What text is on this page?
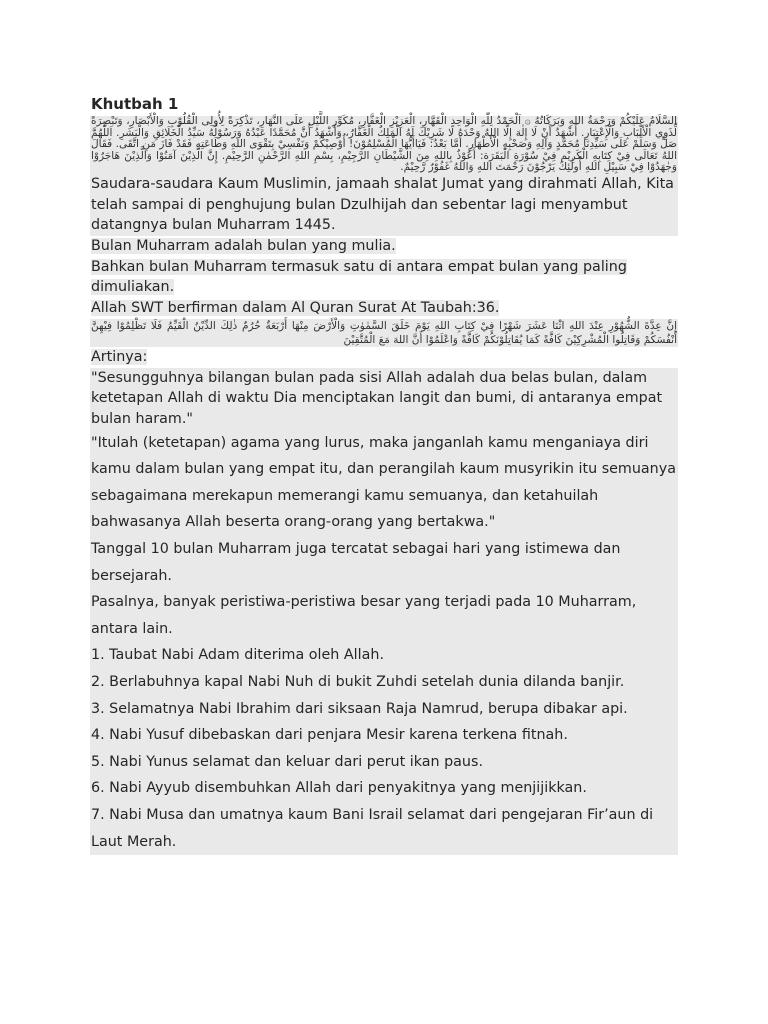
Khutbah 1

السَّلَامُ عَلَيْكُمْ وَرَحْمَةُ اللهِ وَبَرَكَاتُهُ ۞ اَلْحَمْدُ لِلّٰهِ الْوَاحِدِ الْقَهَّارِ، الْعَزِيْزِ الْغَفَّارِ، مُكَوِّرِ اللَّيْلِ عَلَى النَّهَارِ، تَذْكِرَةً لِأُولِى الْقُلُوْبِ وَالْأَبْصَارِ، وَتَبْصِرَةً لِّذَوِي الْأَلْبَابِ وَالْإِعْتِبَارِ. أَشْهَدُ أَنْ لَا إِلٰهَ إِلَّا اللهُ وَحْدَهُ لَا شَرِيْكَ لَهُ الْمَلِكُ الْغَفَّارُ، وَأَشْهَدُ أَنَّ مُحَمَّدًا عَبْدُهُ وَرَسُوْلُهُ سَيِّدُ الْخَلَائِقِ وَالْبَشَرِ. اَللّٰهُمَّ صَلِّ وَسَلِّمْ عَلَى سَيِّدِنَا مُحَمَّدٍ وَآلِهِ وَصَحْبِهِ الْأَطْهَارِ. أَمَّا بَعْدُ: فَيَاأَيُّهَا الْمُسْلِمُوْنَ! أُوْصِيْكُمْ وَنَفْسِيْ بِتَقْوَى اللهِ وَطَاعَتِهِ فَقَدْ فَازَ مَنِ اتَّقَى. فَقَالَ اللهُ تَعَالَى فِيْ كِتَابِهِ الْكَرِيْمِ فِيْ سُوْرَةِ الْبَقَرَة: أَعُوْذُ بِاللهِ مِنَ الشَّيْطَانِ الرَّجِيْمِ، بِسْمِ اللهِ الرَّحْمٰنِ الرَّحِيْمِ. إِنَّ الَّذِيْنَ آمَنُوْا وَالَّذِيْنَ هَاجَرُوْا وَجٰهَدُوْا فِيْ سَبِيْلِ اللهِ أُولٰئِكَ يَرْجُوْنَ رَحْمَتَ اللهِ وَاللهُ غَفُوْرٌ رَّحِيْمٌ.

Saudara-saudara Kaum Muslimin, jamaah shalat Jumat yang dirahmati Allah, Kita telah sampai di penghujung bulan Dzulhijah dan sebentar lagi menyambut datangnya bulan Muharram 1445.

Bulan Muharram adalah bulan yang mulia.

Bahkan bulan Muharram termasuk satu di antara empat bulan yang paling dimuliakan.

Allah SWT berfirman dalam Al Quran Surat At Taubah:36.

إِنَّ عِدَّةَ الشُّهُوْرِ عِنْدَ اللهِ اثْنَا عَشَرَ شَهْرًا فِيْ كِتَابِ اللهِ يَوْمَ خَلَقَ السَّمٰوٰتِ وَالْأَرْضَ مِنْهَا أَرْبَعَةٌ حُرُمٌ ذٰلِكَ الدِّيْنُ الْقَيِّمُ فَلَا تَظْلِمُوْا فِيْهِنَّ أَنْفُسَكُمْ وَقَاتِلُوا الْمُشْرِكِيْنَ كَافَّةً كَمَا يُقَاتِلُوْنَكُمْ كَافَّةً وَاعْلَمُوْا أَنَّ اللهَ مَعَ الْمُتَّقِيْنَ

Artinya:

"Sesungguhnya bilangan bulan pada sisi Allah adalah dua belas bulan, dalam ketetapan Allah di waktu Dia menciptakan langit dan bumi, di antaranya empat bulan haram."

"Itulah (ketetapan) agama yang lurus, maka janganlah kamu menganiaya diri kamu dalam bulan yang empat itu, dan perangilah kaum musyrikin itu semuanya sebagaimana merekapun memerangi kamu semuanya, dan ketahuilah bahwasanya Allah beserta orang-orang yang bertakwa."

Tanggal 10 bulan Muharram juga tercatat sebagai hari yang istimewa dan bersejarah.

Pasalnya, banyak peristiwa-peristiwa besar yang terjadi pada 10 Muharram, antara lain.

1. Taubat Nabi Adam diterima oleh Allah.

2. Berlabuhnya kapal Nabi Nuh di bukit Zuhdi setelah dunia dilanda banjir.

3. Selamatnya Nabi Ibrahim dari siksaan Raja Namrud, berupa dibakar api.

4. Nabi Yusuf dibebaskan dari penjara Mesir karena terkena fitnah.

5. Nabi Yunus selamat dan keluar dari perut ikan paus.

6. Nabi Ayyub disembuhkan Allah dari penyakitnya yang menjijikkan.

7. Nabi Musa dan umatnya kaum Bani Israil selamat dari pengejaran Fir’aun di Laut Merah.
